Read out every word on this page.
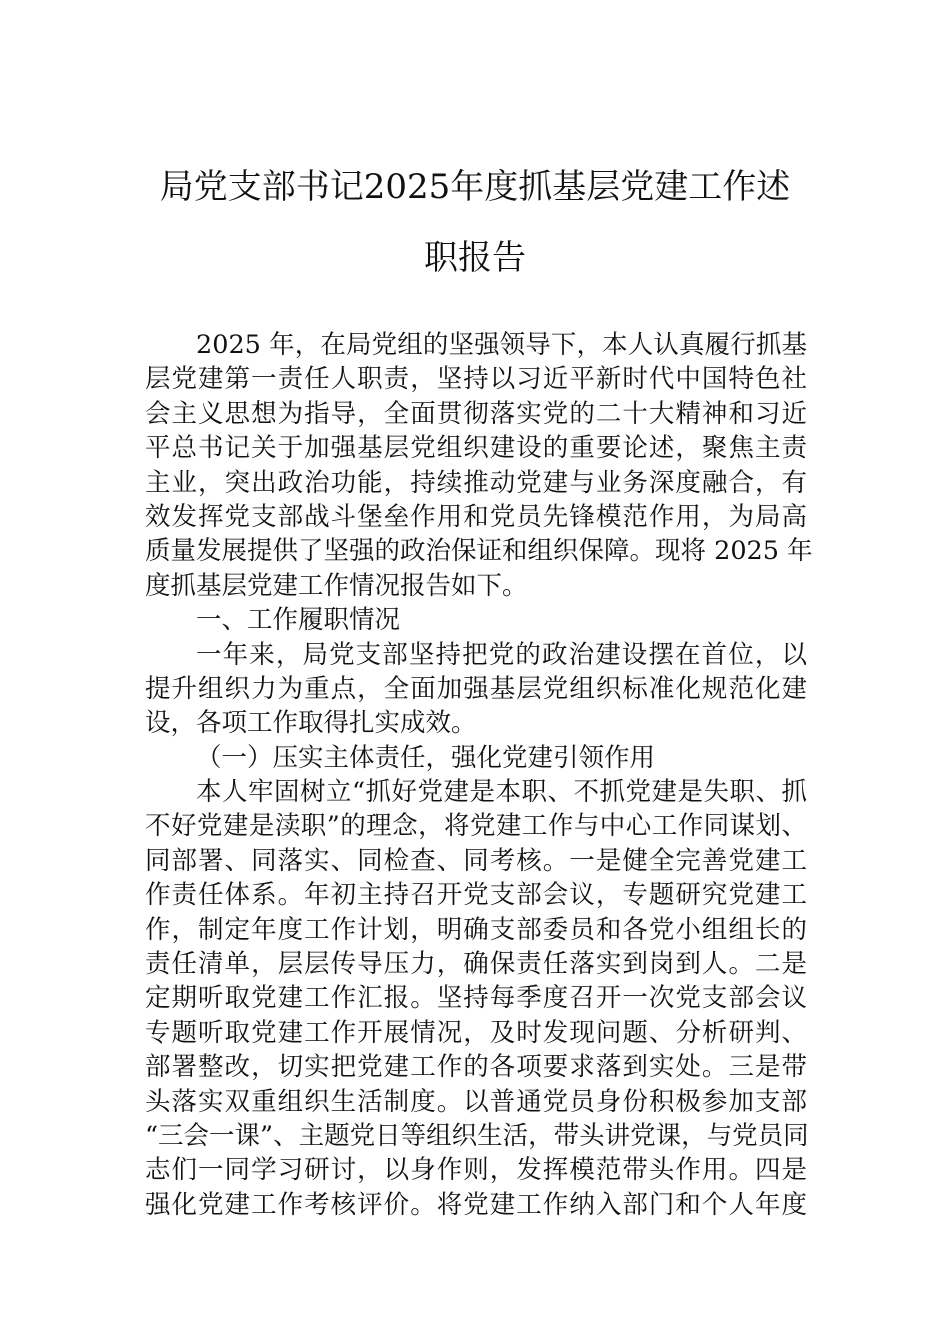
局党支部书记2025年度抓基层党建工作述
职报告
2025 年，在局党组的坚强领导下，本人认真履行抓基
层党建第一责任人职责，坚持以习近平新时代中国特色社
会主义思想为指导，全面贯彻落实党的二十大精神和习近
平总书记关于加强基层党组织建设的重要论述，聚焦主责
主业，突出政治功能，持续推动党建与业务深度融合，有
效发挥党支部战斗堡垒作用和党员先锋模范作用，为局高
质量发展提供了坚强的政治保证和组织保障。现将 2025 年
度抓基层党建工作情况报告如下。
一、工作履职情况
一年来，局党支部坚持把党的政治建设摆在首位，以
提升组织力为重点，全面加强基层党组织标准化规范化建
设，各项工作取得扎实成效。
（一）压实主体责任，强化党建引领作用
本人牢固树立“抓好党建是本职、不抓党建是失职、抓
不好党建是渎职”的理念，将党建工作与中心工作同谋划、
同部署、同落实、同检查、同考核。一是健全完善党建工
作责任体系。年初主持召开党支部会议，专题研究党建工
作，制定年度工作计划，明确支部委员和各党小组组长的
责任清单，层层传导压力，确保责任落实到岗到人。二是
定期听取党建工作汇报。坚持每季度召开一次党支部会议
专题听取党建工作开展情况，及时发现问题、分析研判、
部署整改，切实把党建工作的各项要求落到实处。三是带
头落实双重组织生活制度。以普通党员身份积极参加支部
“三会一课”、主题党日等组织生活，带头讲党课，与党员同
志们一同学习研讨，以身作则，发挥模范带头作用。四是
强化党建工作考核评价。将党建工作纳入部门和个人年度
